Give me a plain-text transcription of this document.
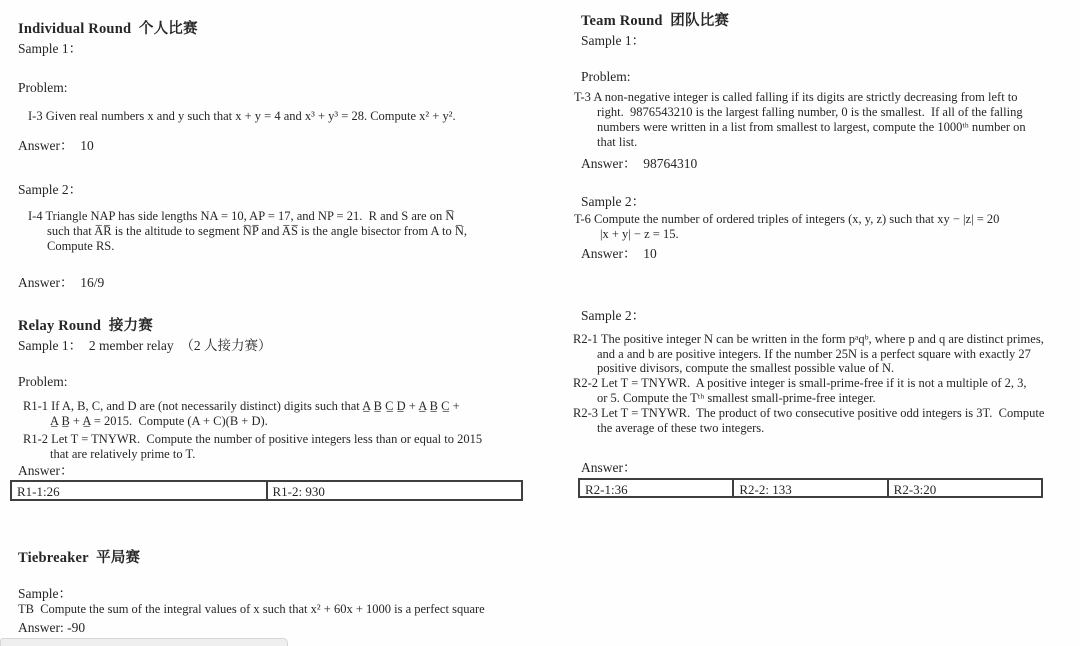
Individual Round  个人比赛
Sample 1：
Problem:
I-3 Given real numbers x and y such that x + y = 4 and x³ + y³ = 28. Compute x² + y².
Answer：  10
Sample 2：
I-4 Triangle NAP has side lengths NA = 10, AP = 17, and NP = 21.  R and S are on N̅
such that A̅R̅ is the altitude to segment N̅P̅ and A̅S̅ is the angle bisector from A to N̅,
Compute RS.
Answer：  16/9
Relay Round  接力赛
Sample 1：  2 member relay  （2 人接力赛）
Problem:
R1-1 If A, B, C, and D are (not necessarily distinct) digits such that A̲ B̲ C̲ D̲ + A̲ B̲ C̲ +
A̲ B̲ + A̲ = 2015.  Compute (A + C)(B + D).
R1-2 Let T = TNYWR.  Compute the number of positive integers less than or equal to 2015
that are relatively prime to T.
Answer：
R1-1:26	R1-2: 930
Tiebreaker  平局赛
Sample：
TB  Compute the sum of the integral values of x such that x² + 60x + 1000 is a perfect square
Answer: -90
Team Round  团队比赛
Sample 1：
Problem:
T-3 A non-negative integer is called falling if its digits are strictly decreasing from left to
right.  9876543210 is the largest falling number, 0 is the smallest.  If all of the falling
numbers were written in a list from smallest to largest, compute the 1000ᵗʰ number on
that list.
Answer：  98764310
Sample 2：
T-6 Compute the number of ordered triples of integers (x, y, z) such that xy − |z| = 20
|x + y| − z = 15.
Answer：  10
Sample 2：
R2-1 The positive integer N can be written in the form pᵃqᵇ, where p and q are distinct primes,
and a and b are positive integers. If the number 25N is a perfect square with exactly 27
positive divisors, compute the smallest possible value of N.
R2-2 Let T = TNYWR.  A positive integer is small-prime-free if it is not a multiple of 2, 3,
or 5. Compute the Tᵗʰ smallest small-prime-free integer.
R2-3 Let T = TNYWR.  The product of two consecutive positive odd integers is 3T.  Compute
the average of these two integers.
Answer：
R2-1:36	R2-2: 133	R2-3:20
